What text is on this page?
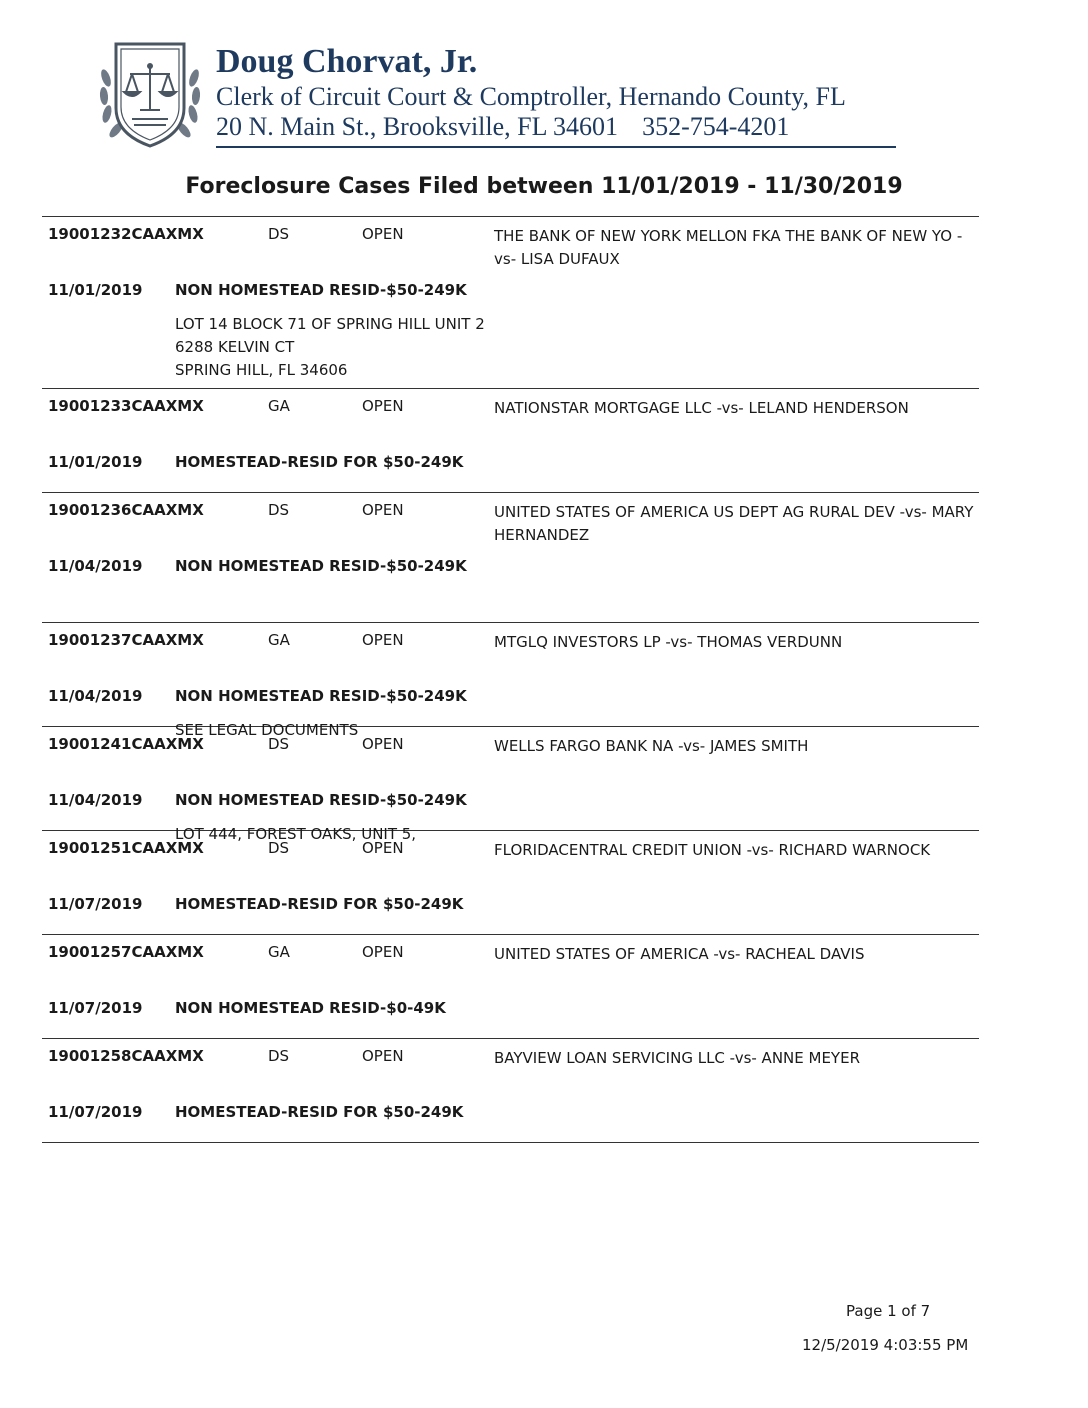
Doug Chorvat, Jr.
Clerk of Circuit Court & Comptroller, Hernando County, FL
20 N. Main St., Brooksville, FL 34601 352-754-4201
Foreclosure Cases Filed between 11/01/2019 - 11/30/2019
19001232CAAXMX	DS	OPEN	THE BANK OF NEW YORK MELLON FKA THE BANK OF NEW YO -vs- LISA DUFAUX
11/01/2019 NON HOMESTEAD RESID-$50-249K
LOT 14 BLOCK 71 OF SPRING HILL UNIT 2
6288 KELVIN CT
SPRING HILL, FL 34606
19001233CAAXMX	GA	OPEN	NATIONSTAR MORTGAGE LLC -vs- LELAND HENDERSON
11/01/2019 HOMESTEAD-RESID FOR $50-249K
19001236CAAXMX	DS	OPEN	UNITED STATES OF AMERICA US DEPT AG RURAL DEV -vs- MARY HERNANDEZ
11/04/2019 NON HOMESTEAD RESID-$50-249K
19001237CAAXMX	GA	OPEN	MTGLQ INVESTORS LP -vs- THOMAS VERDUNN
11/04/2019 NON HOMESTEAD RESID-$50-249K
SEE LEGAL DOCUMENTS
19001241CAAXMX	DS	OPEN	WELLS FARGO BANK NA -vs- JAMES SMITH
11/04/2019 NON HOMESTEAD RESID-$50-249K
LOT 444, FOREST OAKS, UNIT 5,
19001251CAAXMX	DS	OPEN	FLORIDACENTRAL CREDIT UNION -vs- RICHARD WARNOCK
11/07/2019 HOMESTEAD-RESID FOR $50-249K
19001257CAAXMX	GA	OPEN	UNITED STATES OF AMERICA -vs- RACHEAL DAVIS
11/07/2019 NON HOMESTEAD RESID-$0-49K
19001258CAAXMX	DS	OPEN	BAYVIEW LOAN SERVICING LLC -vs- ANNE MEYER
11/07/2019 HOMESTEAD-RESID FOR $50-249K
Page 1 of 7
12/5/2019 4:03:55 PM
